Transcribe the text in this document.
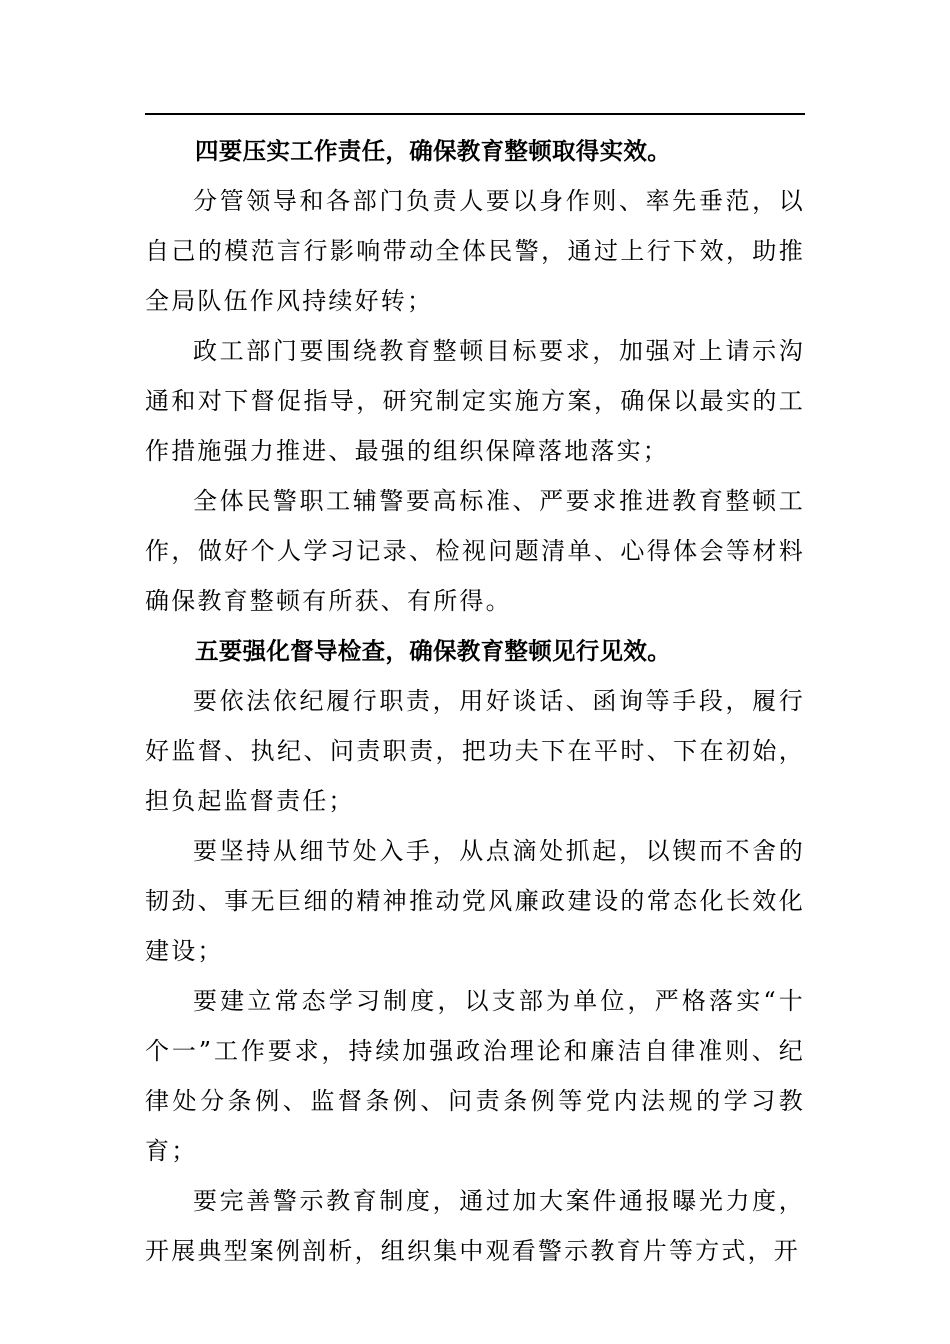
四要压实工作责任，确保教育整顿取得实效。

分管领导和各部门负责人要以身作则、率先垂范，以自己的模范言行影响带动全体民警，通过上行下效，助推全局队伍作风持续好转；

政工部门要围绕教育整顿目标要求，加强对上请示沟通和对下督促指导，研究制定实施方案，确保以最实的工作措施强力推进、最强的组织保障落地落实；

全体民警职工辅警要高标准、严要求推进教育整顿工作，做好个人学习记录、检视问题清单、心得体会等材料确保教育整顿有所获、有所得。

五要强化督导检查，确保教育整顿见行见效。

要依法依纪履行职责，用好谈话、函询等手段，履行好监督、执纪、问责职责，把功夫下在平时、下在初始，担负起监督责任；

要坚持从细节处入手，从点滴处抓起，以锲而不舍的韧劲、事无巨细的精神推动党风廉政建设的常态化长效化建设；

要建立常态学习制度，以支部为单位，严格落实“十个一”工作要求，持续加强政治理论和廉洁自律准则、纪律处分条例、监督条例、问责条例等党内法规的学习教育；

要完善警示教育制度，通过加大案件通报曝光力度，开展典型案例剖析，组织集中观看警示教育片等方式，开
